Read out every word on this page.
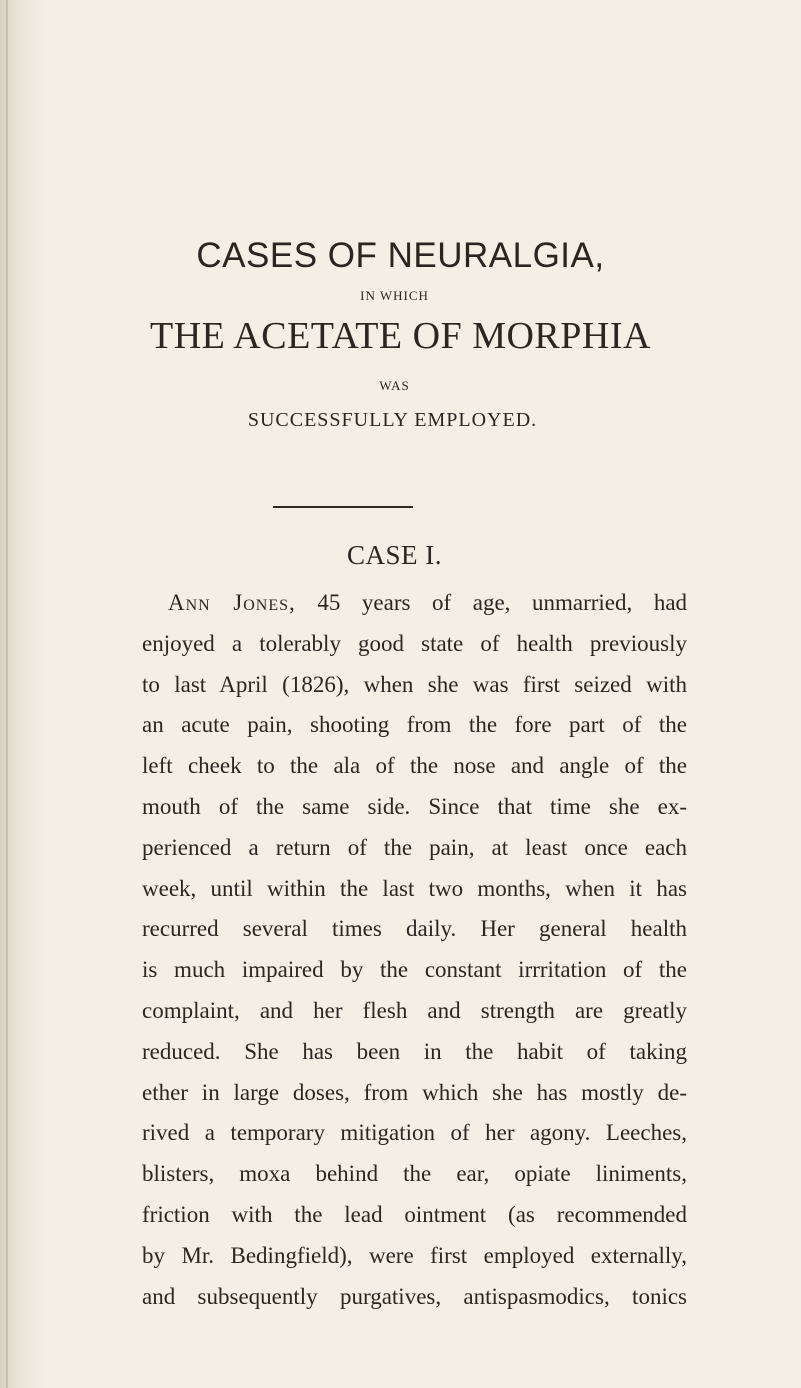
CASES OF NEURALGIA,
IN WHICH
THE ACETATE OF MORPHIA
WAS
SUCCESSFULLY EMPLOYED.
CASE I.
Ann Jones, 45 years of age, unmarried, had
enjoyed a tolerably good state of health previously
to last April (1826), when she was first seized with
an acute pain, shooting from the fore part of the
left cheek to the ala of the nose and angle of the
mouth of the same side. Since that time she ex-
perienced a return of the pain, at least once each
week, until within the last two months, when it has
recurred several times daily. Her general health
is much impaired by the constant irrritation of the
complaint, and her flesh and strength are greatly
reduced. She has been in the habit of taking
ether in large doses, from which she has mostly de-
rived a temporary mitigation of her agony. Leeches,
blisters, moxa behind the ear, opiate liniments,
friction with the lead ointment (as recommended
by Mr. Bedingfield), were first employed externally,
and subsequently purgatives, antispasmodics, tonics
